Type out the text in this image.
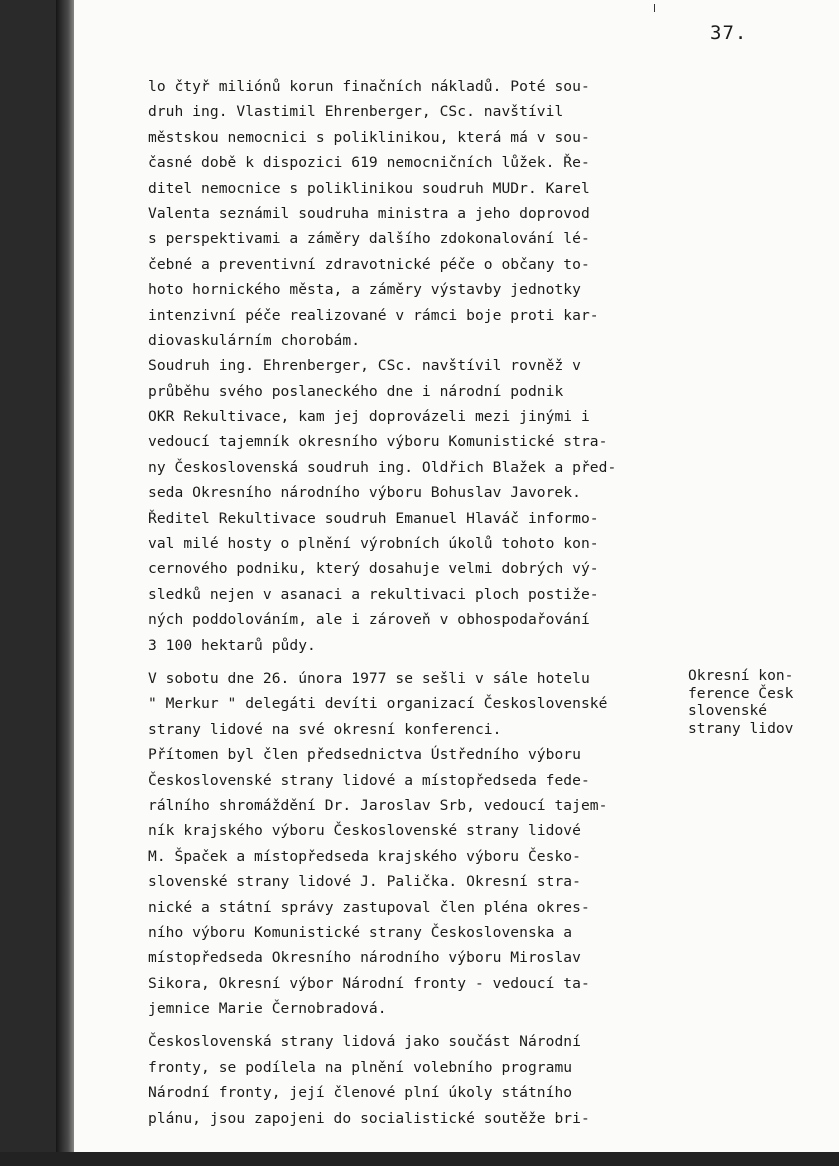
37.
lo čtyř miliónů korun finačních nákladů. Poté sou-
druh ing. Vlastimil Ehrenberger, CSc. navštívil
městskou nemocnici s poliklinikou, která má v sou-
časné době k dispozici 619 nemocničních lůžek. Ře-
ditel nemocnice s poliklinikou soudruh MUDr. Karel
Valenta seznámil soudruha ministra a jeho doprovod
s perspektivami a záměry dalšího zdokonalování lé-
čebné a preventivní zdravotnické péče o občany to-
hoto hornického města, a záměry výstavby jednotky
intenzivní péče realizované v rámci boje proti kar-
diovaskulárním chorobám.
Soudruh ing. Ehrenberger, CSc. navštívil rovněž v
průběhu svého poslaneckého dne i národní podnik
OKR Rekultivace, kam jej doprovázeli mezi jinými i
vedoucí tajemník okresního výboru Komunistické stra-
ny Československá soudruh ing. Oldřich Blažek a před-
seda Okresního národního výboru Bohuslav Javorek.
Ředitel Rekultivace soudruh Emanuel Hlaváč informo-
val milé hosty o plnění výrobních úkolů tohoto kon-
cernového podniku, který dosahuje velmi dobrých vý-
sledků nejen v asanaci a rekultivaci ploch postiže-
ných poddolováním, ale i zároveň v obhospodařování
3 100 hektarů půdy.
V sobotu dne 26. února 1977 se sešli v sále hotelu
" Merkur " delegáti devíti organizací Československé
strany lidové na své okresní konferenci.
Přítomen byl člen předsednictva Ústředního výboru
Československé strany lidové a místopředseda fede-
rálního shromáždění Dr. Jaroslav Srb, vedoucí tajem-
ník krajského výboru Československé strany lidové
M. Špaček a místopředseda krajského výboru Česko-
slovenské strany lidové J. Palička. Okresní stra-
nické a státní správy zastupoval člen pléna okres-
ního výboru Komunistické strany Československa a
místopředseda Okresního národního výboru Miroslav
Sikora, Okresní výbor Národní fronty - vedoucí ta-
jemnice Marie Černobradová.
Československá strany lidová jako součást Národní
fronty, se podílela na plnění volebního programu
Národní fronty, její členové plní úkoly státního
plánu, jsou zapojeni do socialistické soutěže bri-
Okresní kon-
ference Česk
slovenské
strany lidov
